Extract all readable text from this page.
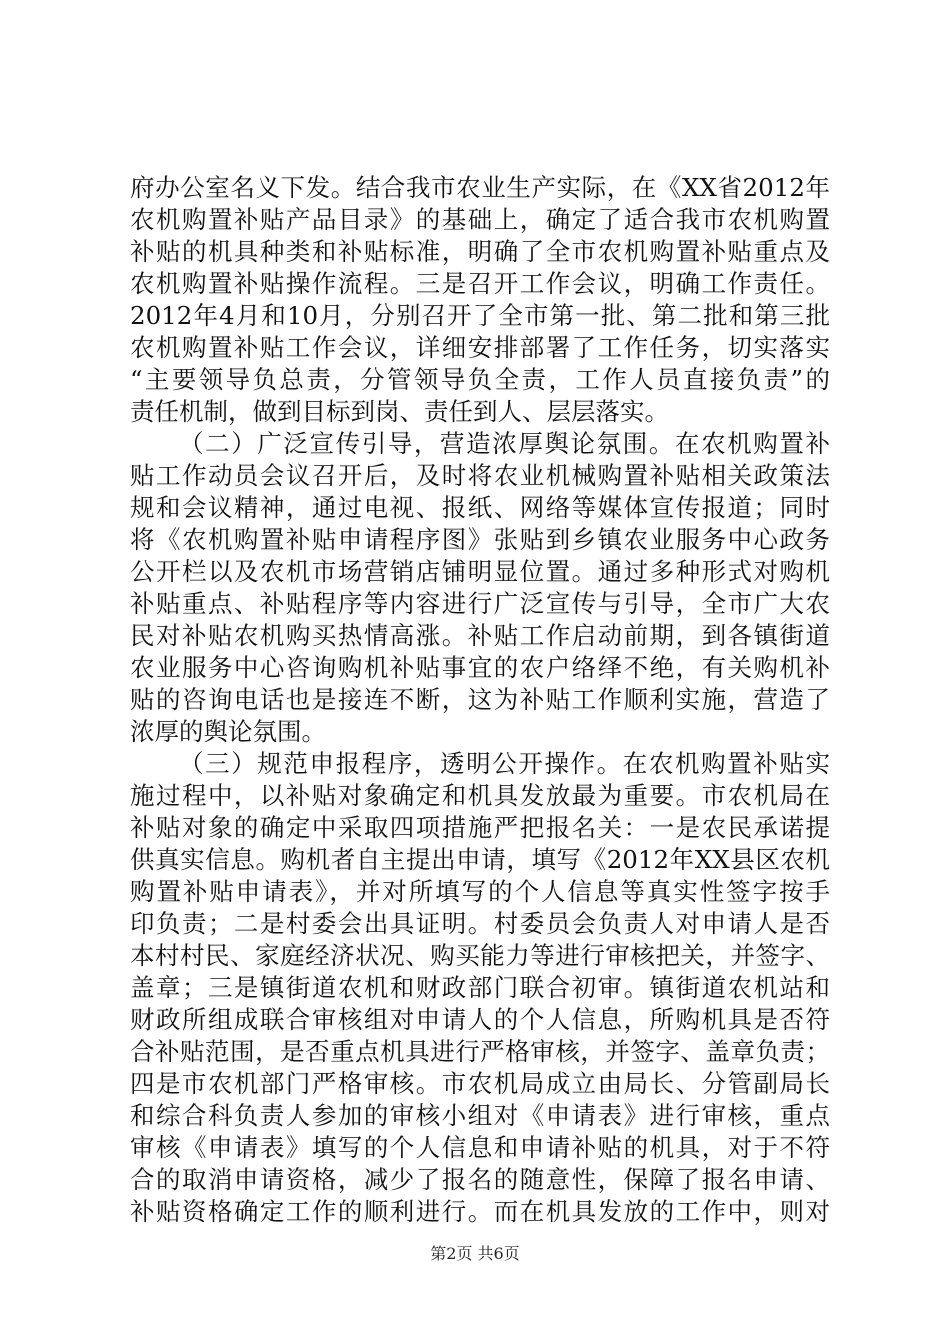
府办公室名义下发。结合我市农业生产实际，在《XX省2012年
农机购置补贴产品目录》的基础上，确定了适合我市农机购置
补贴的机具种类和补贴标准，明确了全市农机购置补贴重点及
农机购置补贴操作流程。三是召开工作会议，明确工作责任。
2012年4月和10月，分别召开了全市第一批、第二批和第三批
农机购置补贴工作会议，详细安排部署了工作任务，切实落实
“主要领导负总责，分管领导负全责，工作人员直接负责”的
责任机制，做到目标到岗、责任到人、层层落实。
（二）广泛宣传引导，营造浓厚舆论氛围。在农机购置补
贴工作动员会议召开后，及时将农业机械购置补贴相关政策法
规和会议精神，通过电视、报纸、网络等媒体宣传报道；同时
将《农机购置补贴申请程序图》张贴到乡镇农业服务中心政务
公开栏以及农机市场营销店铺明显位置。通过多种形式对购机
补贴重点、补贴程序等内容进行广泛宣传与引导，全市广大农
民对补贴农机购买热情高涨。补贴工作启动前期，到各镇街道
农业服务中心咨询购机补贴事宜的农户络绎不绝，有关购机补
贴的咨询电话也是接连不断，这为补贴工作顺利实施，营造了
浓厚的舆论氛围。
（三）规范申报程序，透明公开操作。在农机购置补贴实
施过程中，以补贴对象确定和机具发放最为重要。市农机局在
补贴对象的确定中采取四项措施严把报名关：一是农民承诺提
供真实信息。购机者自主提出申请，填写《2012年XX县区农机
购置补贴申请表》，并对所填写的个人信息等真实性签字按手
印负责；二是村委会出具证明。村委员会负责人对申请人是否
本村村民、家庭经济状况、购买能力等进行审核把关，并签字、
盖章；三是镇街道农机和财政部门联合初审。镇街道农机站和
财政所组成联合审核组对申请人的个人信息，所购机具是否符
合补贴范围，是否重点机具进行严格审核，并签字、盖章负责；
四是市农机部门严格审核。市农机局成立由局长、分管副局长
和综合科负责人参加的审核小组对《申请表》进行审核，重点
审核《申请表》填写的个人信息和申请补贴的机具，对于不符
合的取消申请资格，减少了报名的随意性，保障了报名申请、
补贴资格确定工作的顺利进行。而在机具发放的工作中，则对
第2页 共6页
